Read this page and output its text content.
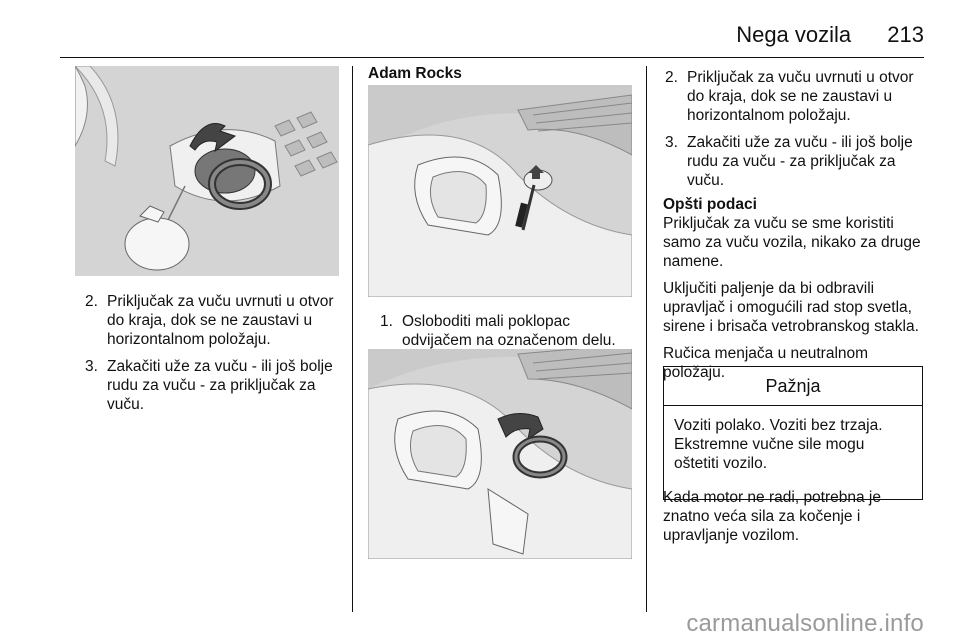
Nega vozila 213
2. Priključak za vuču uvrnuti u otvor do kraja, dok se ne zaustavi u horizontalnom položaju.
3. Zakačiti uže za vuču - ili još bolje rudu za vuču - za priključak za vuču.
Adam Rocks
1. Osloboditi mali poklopac odvijačem na označenom delu.
2. Priključak za vuču uvrnuti u otvor do kraja, dok se ne zaustavi u horizontalnom položaju.
3. Zakačiti uže za vuču - ili još bolje rudu za vuču - za priključak za vuču.

Opšti podaci

Priključak za vuču se sme koristiti samo za vuču vozila, nikako za druge namene.

Uključiti paljenje da bi odbravili upravljač i omogućili rad stop svetla, sirene i brisača vetrobranskog stakla.

Ručica menjača u neutralnom položaju.

Pažnja
Voziti polako. Voziti bez trzaja. Ekstremne vučne sile mogu oštetiti vozilo.

Kada motor ne radi, potrebna je znatno veća sila za kočenje i upravljanje vozilom.

carmanualsonline.info
